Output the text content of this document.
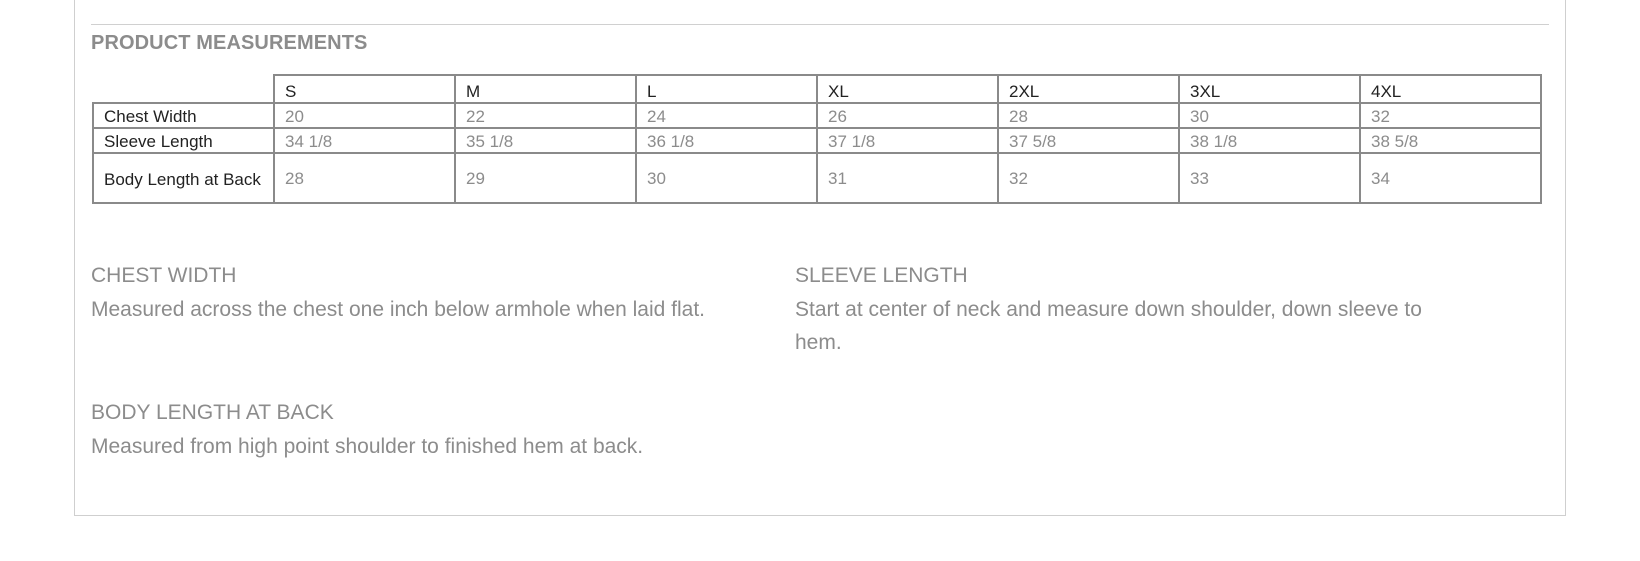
PRODUCT MEASUREMENTS
	S	M	L	XL	2XL	3XL	4XL
Chest Width	20	22	24	26	28	30	32
Sleeve Length	34 1/8	35 1/8	36 1/8	37 1/8	37 5/8	38 1/8	38 5/8
Body Length at Back	28	29	30	31	32	33	34
CHEST WIDTH

Measured across the chest one inch below armhole when laid flat.

SLEEVE LENGTH

Start at center of neck and measure down shoulder, down sleeve to hem.

BODY LENGTH AT BACK

Measured from high point shoulder to finished hem at back.
